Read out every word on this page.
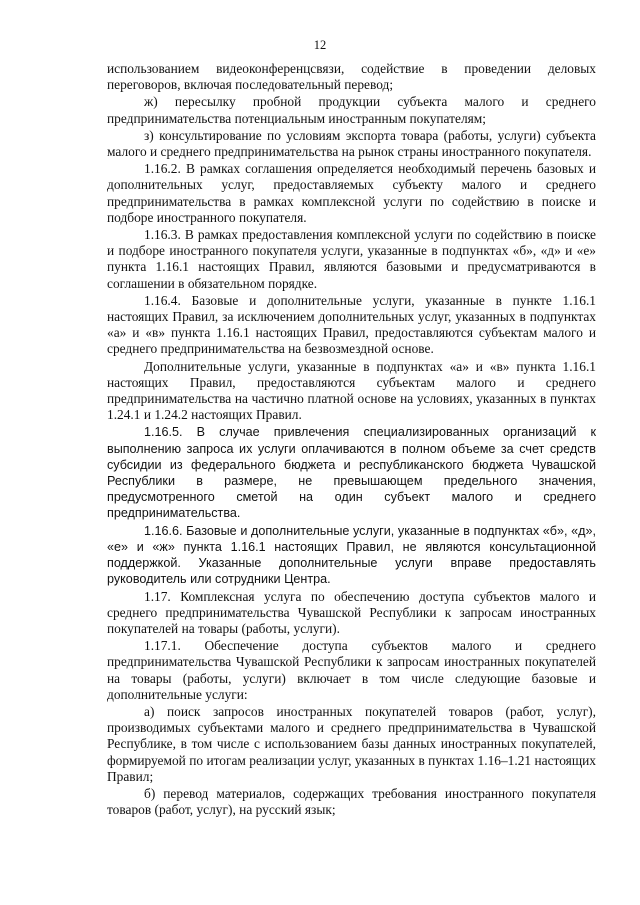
12

использованием видеоконференцсвязи, содействие в проведении деловых переговоров, включая последовательный перевод;

ж) пересылку пробной продукции субъекта малого и среднего предпринимательства потенциальным иностранным покупателям;

з) консультирование по условиям экспорта товара (работы, услуги) субъекта малого и среднего предпринимательства на рынок страны иностранного покупателя.

1.16.2. В рамках соглашения определяется необходимый перечень базовых и дополнительных услуг, предоставляемых субъекту малого и среднего предпринимательства в рамках комплексной услуги по содействию в поиске и подборе иностранного покупателя.

1.16.3. В рамках предоставления комплексной услуги по содействию в поиске и подборе иностранного покупателя услуги, указанные в подпунктах «б», «д» и «е» пункта 1.16.1 настоящих Правил, являются базовыми и предусматриваются в соглашении в обязательном порядке.

1.16.4. Базовые и дополнительные услуги, указанные в пункте 1.16.1 настоящих Правил, за исключением дополнительных услуг, указанных в подпунктах «а» и «в» пункта 1.16.1 настоящих Правил, предоставляются субъектам малого и среднего предпринимательства на безвозмездной основе.

Дополнительные услуги, указанные в подпунктах «а» и «в» пункта 1.16.1 настоящих Правил, предоставляются субъектам малого и среднего предпринимательства на частично платной основе на условиях, указанных в пунктах 1.24.1 и 1.24.2 настоящих Правил.

1.16.5. В случае привлечения специализированных организаций к выполнению запроса их услуги оплачиваются в полном объеме за счет средств субсидии из федерального бюджета и республиканского бюджета Чувашской Республики в размере, не превышающем предельного значения, предусмотренного сметой на один субъект малого и среднего предпринимательства.

1.16.6. Базовые и дополнительные услуги, указанные в подпунктах «б», «д», «е» и «ж» пункта 1.16.1 настоящих Правил, не являются консультационной поддержкой. Указанные дополнительные услуги вправе предоставлять руководитель или сотрудники Центра.

1.17. Комплексная услуга по обеспечению доступа субъектов малого и среднего предпринимательства Чувашской Республики к запросам иностранных покупателей на товары (работы, услуги).

1.17.1. Обеспечение доступа субъектов малого и среднего предпринимательства Чувашской Республики к запросам иностранных покупателей на товары (работы, услуги) включает в том числе следующие базовые и дополнительные услуги:

а) поиск запросов иностранных покупателей товаров (работ, услуг), производимых субъектами малого и среднего предпринимательства в Чувашской Республике, в том числе с использованием базы данных иностранных покупателей, формируемой по итогам реализации услуг, указанных в пунктах 1.16–1.21 настоящих Правил;

б) перевод материалов, содержащих требования иностранного покупателя товаров (работ, услуг), на русский язык;
